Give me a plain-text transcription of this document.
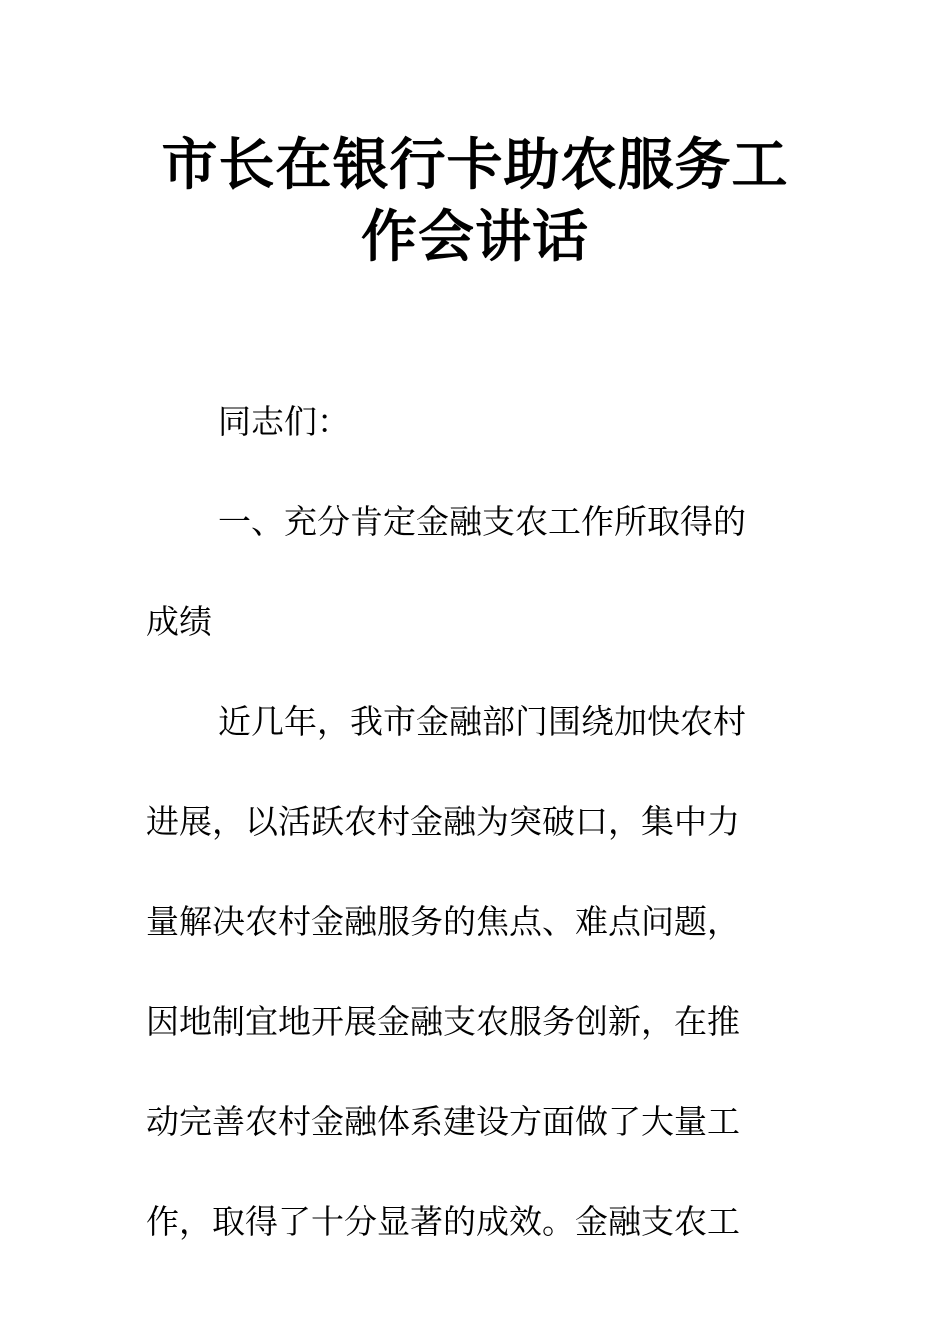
市长在银行卡助农服务工
作会讲话
同志们：
一、充分肯定金融支农工作所取得的
成绩
近几年，我市金融部门围绕加快农村
进展，以活跃农村金融为突破口，集中力
量解决农村金融服务的焦点、难点问题，
因地制宜地开展金融支农服务创新，在推
动完善农村金融体系建设方面做了大量工
作，取得了十分显著的成效。金融支农工
